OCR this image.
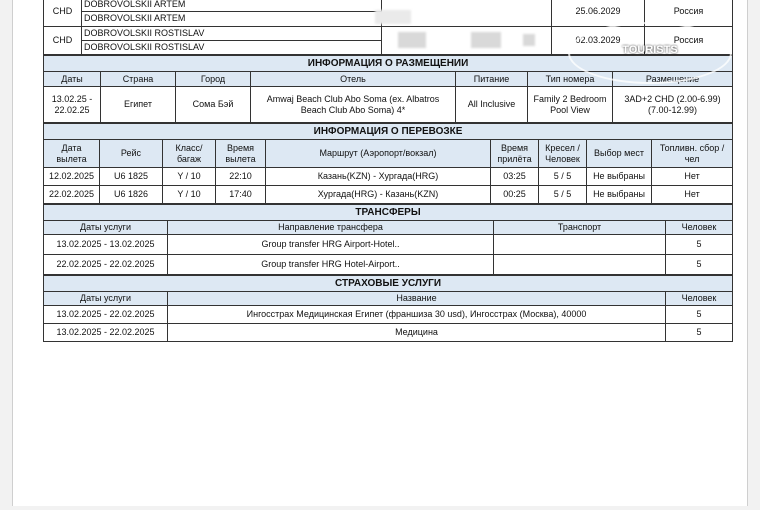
CHD	DOBROVOLSKII ARTEM
DOBROVOLSKII ARTEM		25.06.2029	Россия
CHD	DOBROVOLSKII ROSTISLAV
DOBROVOLSKII ROSTISLAV		02.03.2029	Россия
ИНФОРМАЦИЯ О РАЗМЕЩЕНИИ						
Даты	Страна	Город	Отель	Питание	Тип номера	Размещение
13.02.25 - 22.02.25	Египет	Сома Бэй	Amwaj Beach Club Abo Soma (ex. Albatros Beach Club Abo Soma) 4*	All Inclusive	Family 2 Bedroom Pool View	3AD+2 CHD (2.00-6.99) (7.00-12.99)
ИНФОРМАЦИЯ О ПЕРЕВОЗКЕ								
Дата вылета	Рейс	Класс/ багаж	Время вылета	Маршрут (Аэропорт/вокзал)	Время прилёта	Кресел / Человек	Выбор мест	Топливн. сбор / чел
12.02.2025	U6 1825	Y / 10	22:10	Казань(KZN) - Хургада(HRG)	03:25	5 / 5	Не выбраны	Нет
22.02.2025	U6 1826	Y / 10	17:40	Хургада(HRG) - Казань(KZN)	00:25	5 / 5	Не выбраны	Нет
ТРАНСФЕРЫ			
Даты услуги	Направление трансфера	Транспорт	Человек
13.02.2025 - 13.02.2025	Group transfer HRG Airport-Hotel..		5
22.02.2025 - 22.02.2025	Group transfer HRG Hotel-Airport..		5
СТРАХОВЫЕ УСЛУГИ		
Даты услуги	Название	Человек
13.02.2025 - 22.02.2025	Ингосстрах Медицинская Египет (франшиза 30 usd), Ингосстрах (Москва), 40000	5
13.02.2025 - 22.02.2025	Медицина	5
TOURISTS
